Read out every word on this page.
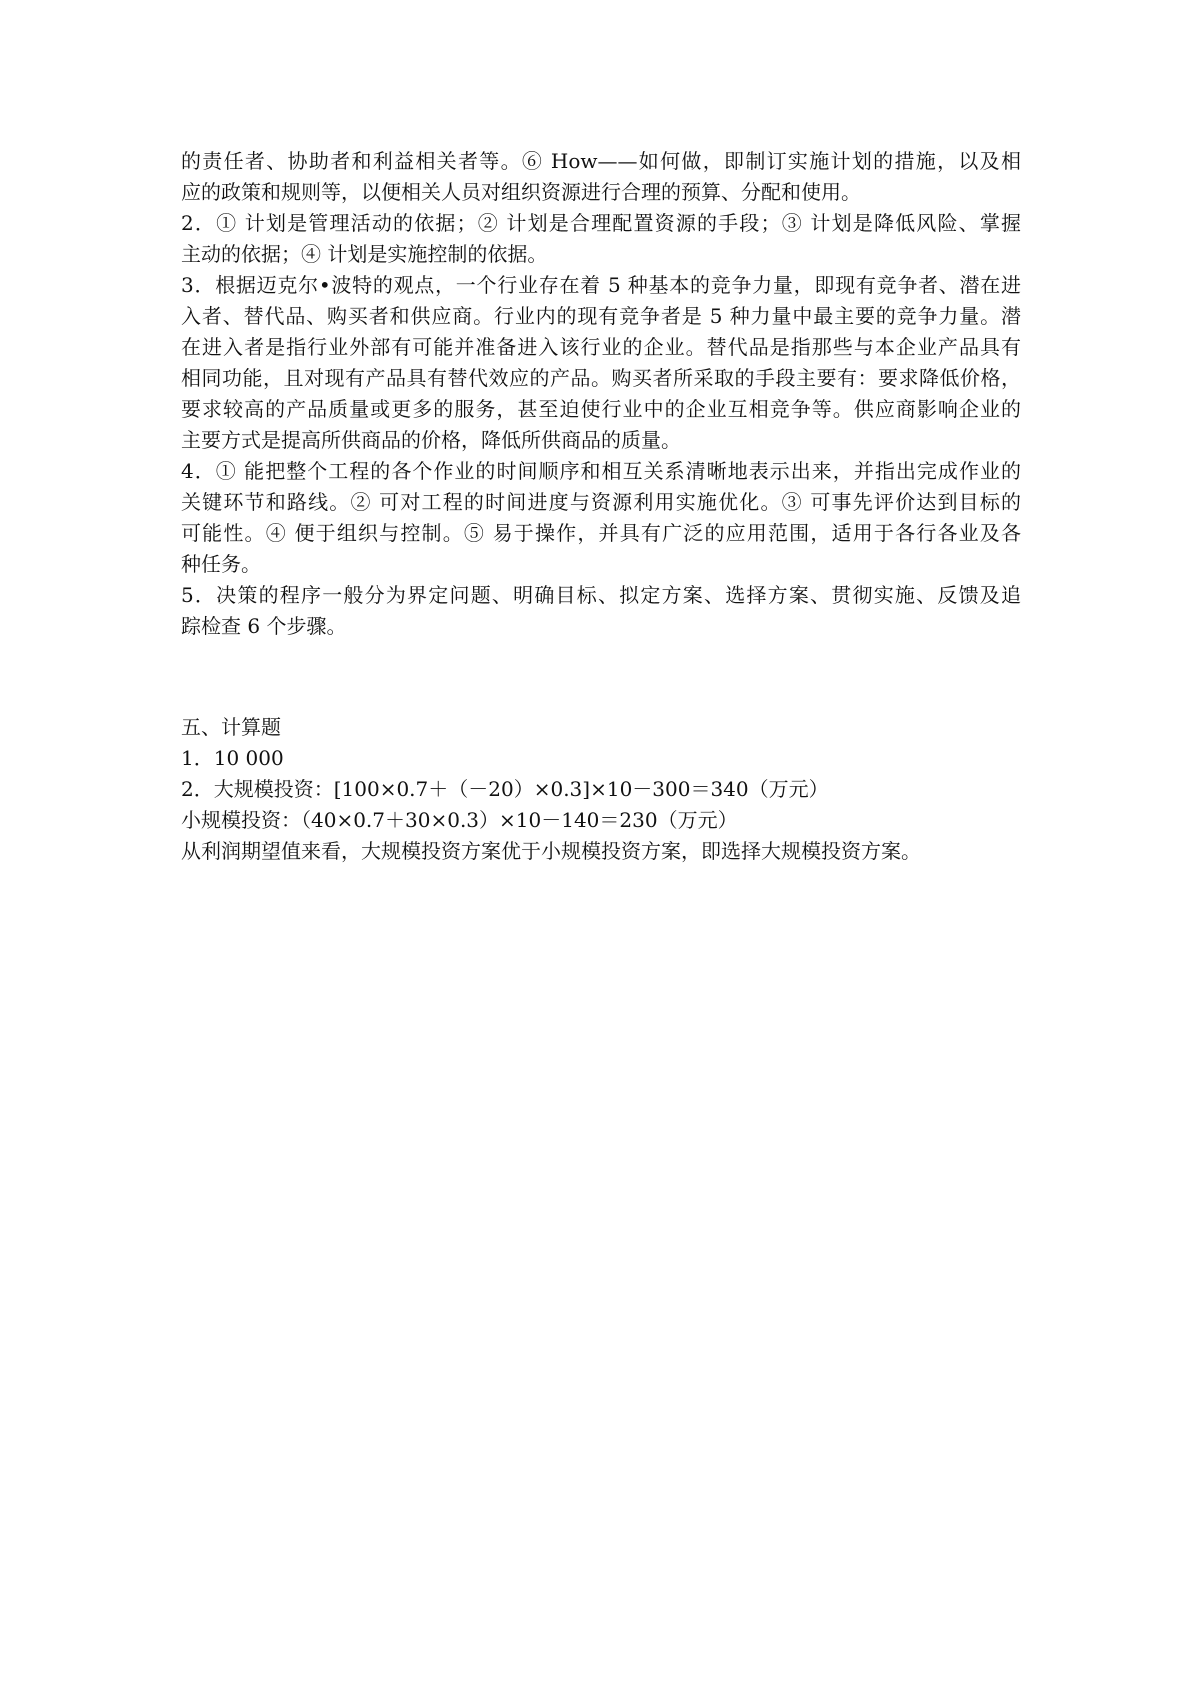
的责任者、协助者和利益相关者等。⑥ How——如何做，即制订实施计划的措施，以及相

应的政策和规则等，以便相关人员对组织资源进行合理的预算、分配和使用。

2．① 计划是管理活动的依据；② 计划是合理配置资源的手段；③ 计划是降低风险、掌握

主动的依据；④ 计划是实施控制的依据。

3．根据迈克尔•波特的观点，一个行业存在着 5 种基本的竞争力量，即现有竞争者、潜在进

入者、替代品、购买者和供应商。行业内的现有竞争者是 5 种力量中最主要的竞争力量。潜

在进入者是指行业外部有可能并准备进入该行业的企业。替代品是指那些与本企业产品具有

相同功能，且对现有产品具有替代效应的产品。购买者所采取的手段主要有：要求降低价格，

要求较高的产品质量或更多的服务，甚至迫使行业中的企业互相竞争等。供应商影响企业的

主要方式是提高所供商品的价格，降低所供商品的质量。

4．① 能把整个工程的各个作业的时间顺序和相互关系清晰地表示出来，并指出完成作业的

关键环节和路线。② 可对工程的时间进度与资源利用实施优化。③ 可事先评价达到目标的

可能性。④ 便于组织与控制。⑤ 易于操作，并具有广泛的应用范围，适用于各行各业及各

种任务。

5．决策的程序一般分为界定问题、明确目标、拟定方案、选择方案、贯彻实施、反馈及追

踪检查 6 个步骤。

五、计算题

1．10 000

2．大规模投资：[100×0.7＋（－20）×0.3]×10－300＝340（万元）

小规模投资：（40×0.7＋30×0.3）×10－140＝230（万元）

从利润期望值来看，大规模投资方案优于小规模投资方案，即选择大规模投资方案。
